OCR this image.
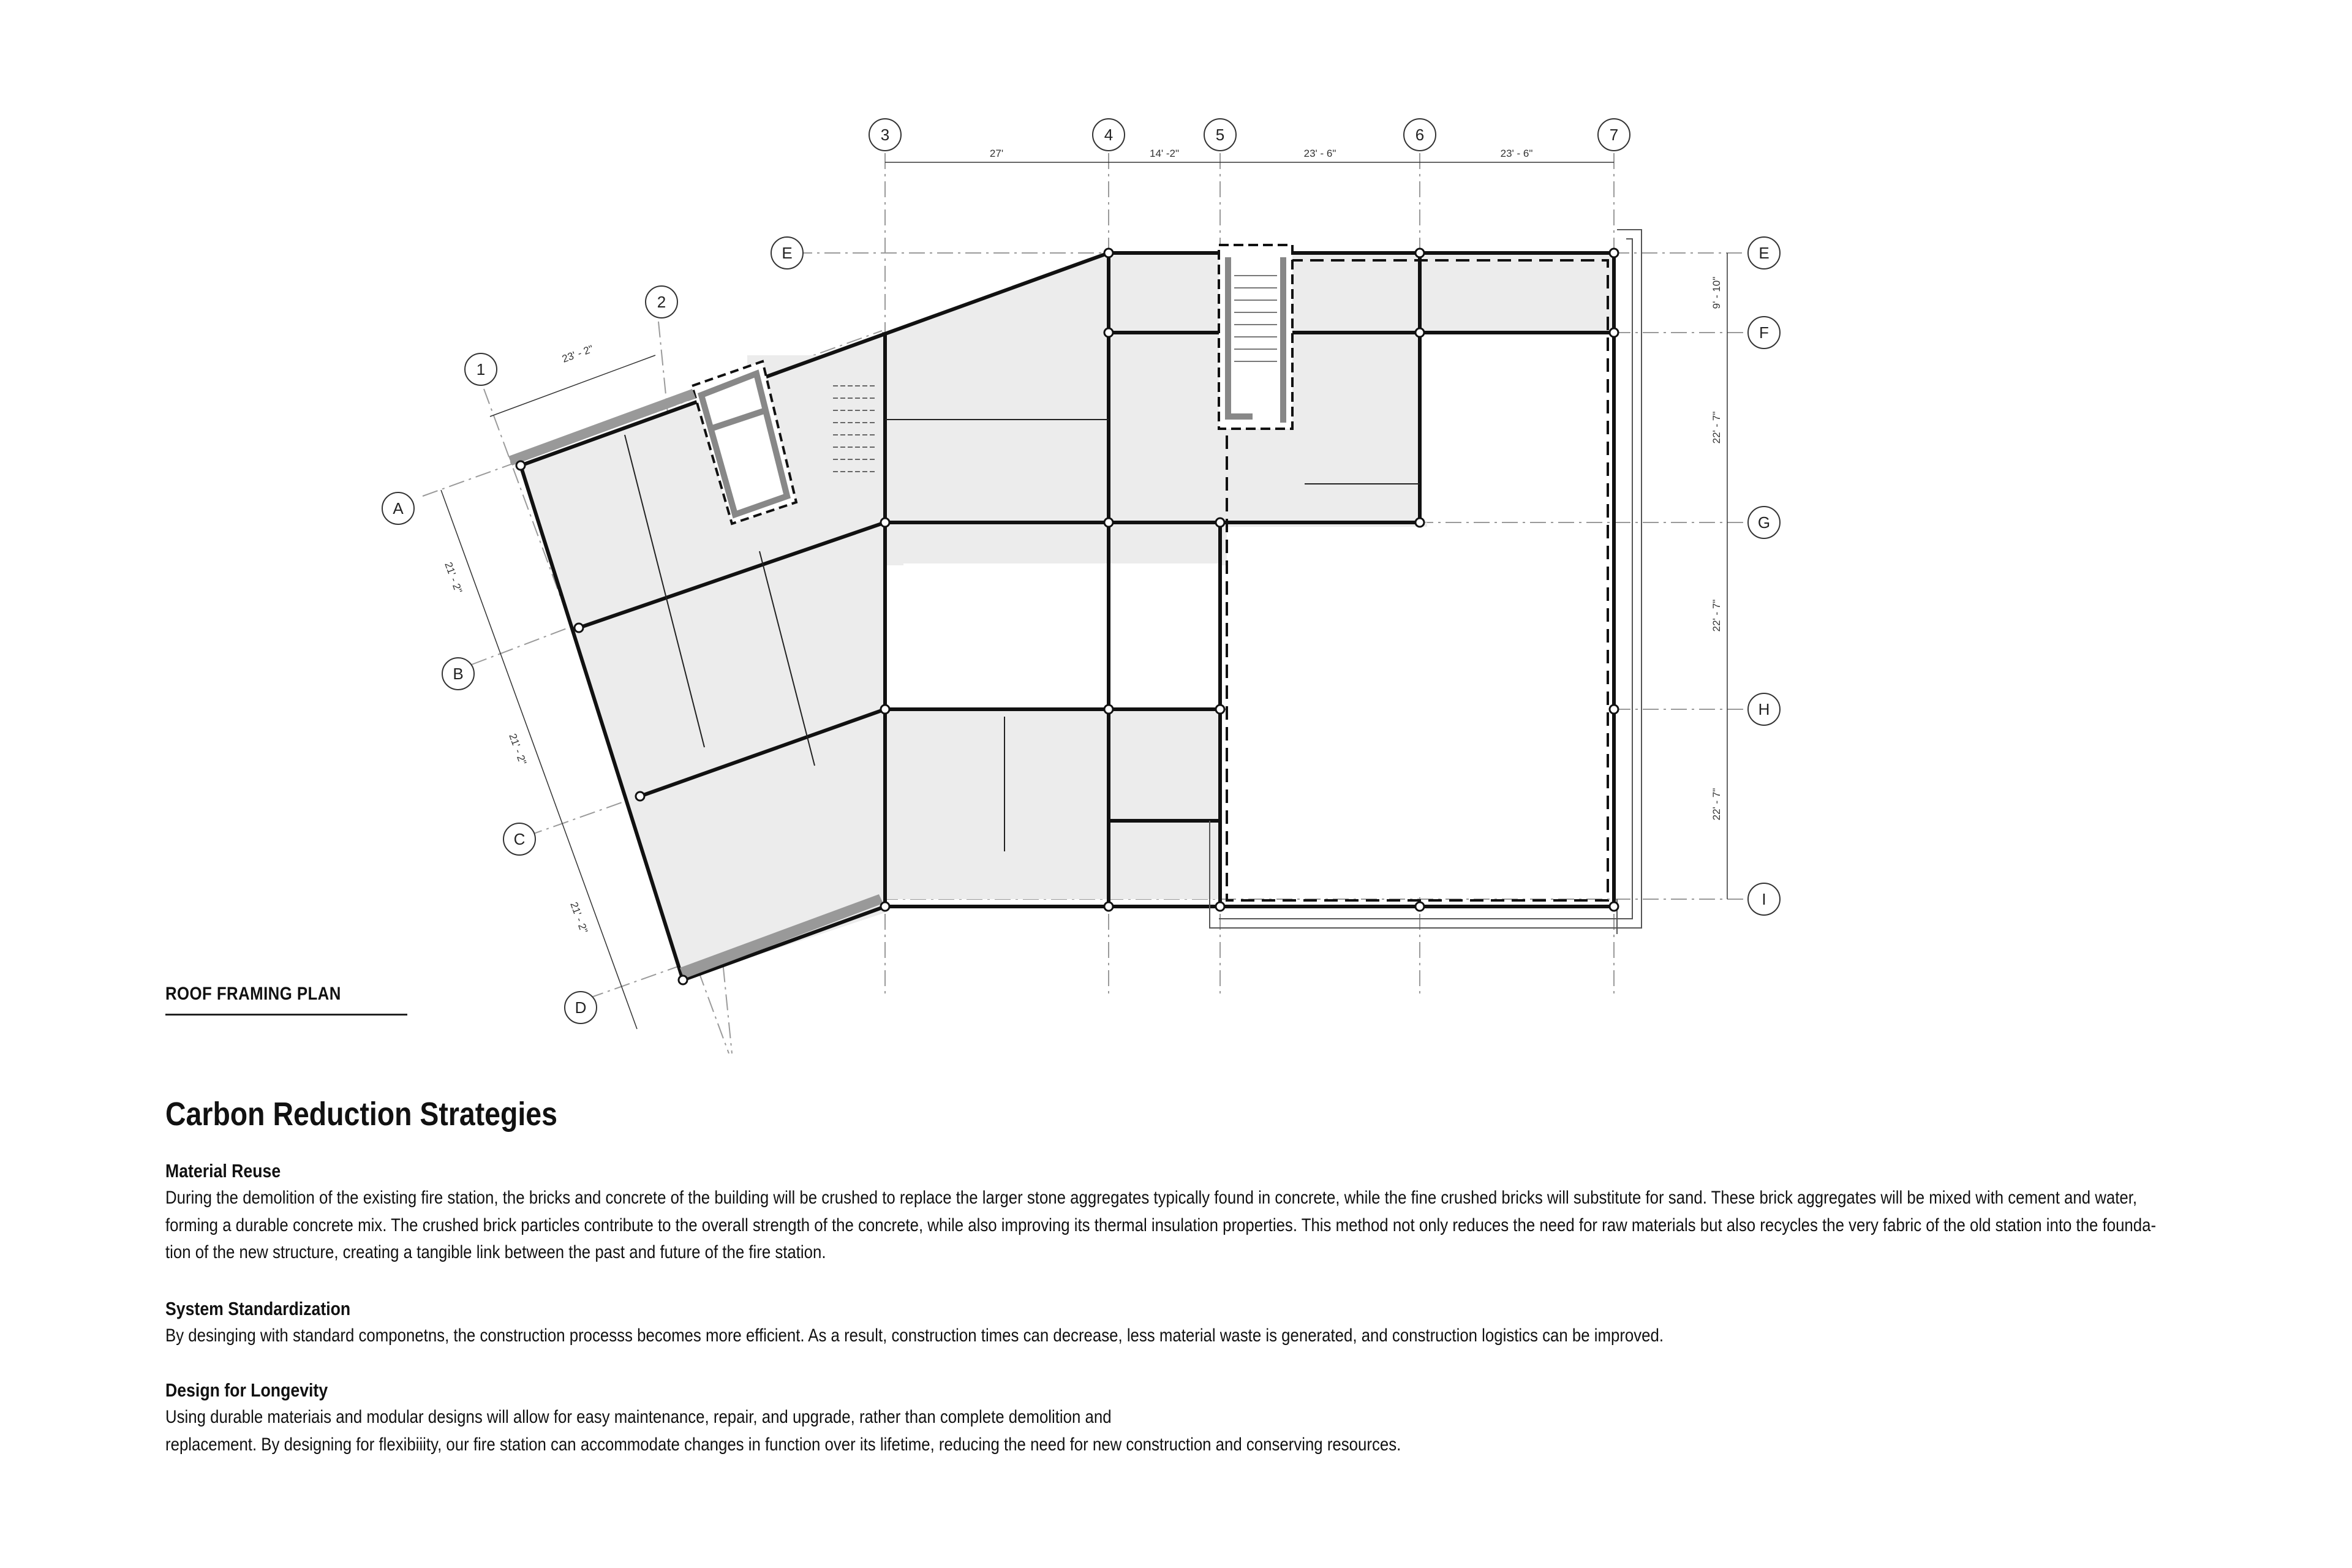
3	4	5	6	7
E
F
G
H
I
E
1
2
A
B
C
D
27'	14' -2"	23' - 6"	23' - 6"
9' - 10"
22' - 7"
22' - 7"
22' - 7"
23' - 2"
21' - 2"
21' - 2"
21' - 2"
ROOF FRAMING PLAN
Carbon Reduction Strategies
Material Reuse

During the demolition of the existing fire station, the bricks and concrete of the building will be crushed to replace the larger stone aggregates typically found in concrete, while the fine crushed bricks will substitute for sand. These brick aggregates will be mixed with cement and water,

forming a durable concrete mix. The crushed brick particles contribute to the overall strength of the concrete, while also improving its thermal insulation properties. This method not only reduces the need for raw materials but also recycles the very fabric of the old station into the founda-

tion of the new structure, creating a tangible link between the past and future of the fire station.

System Standardization

By desinging with standard componetns, the construction processs becomes more efficient. As a result, construction times can decrease, less material waste is generated, and construction logistics can be improved.

Design for Longevity

Using durable materiais and modular designs will allow for easy maintenance, repair, and upgrade, rather than complete demolition and

replacement. By designing for flexibiiity, our fire station can accommodate changes in function over its lifetime, reducing the need for new construction and conserving resources.
